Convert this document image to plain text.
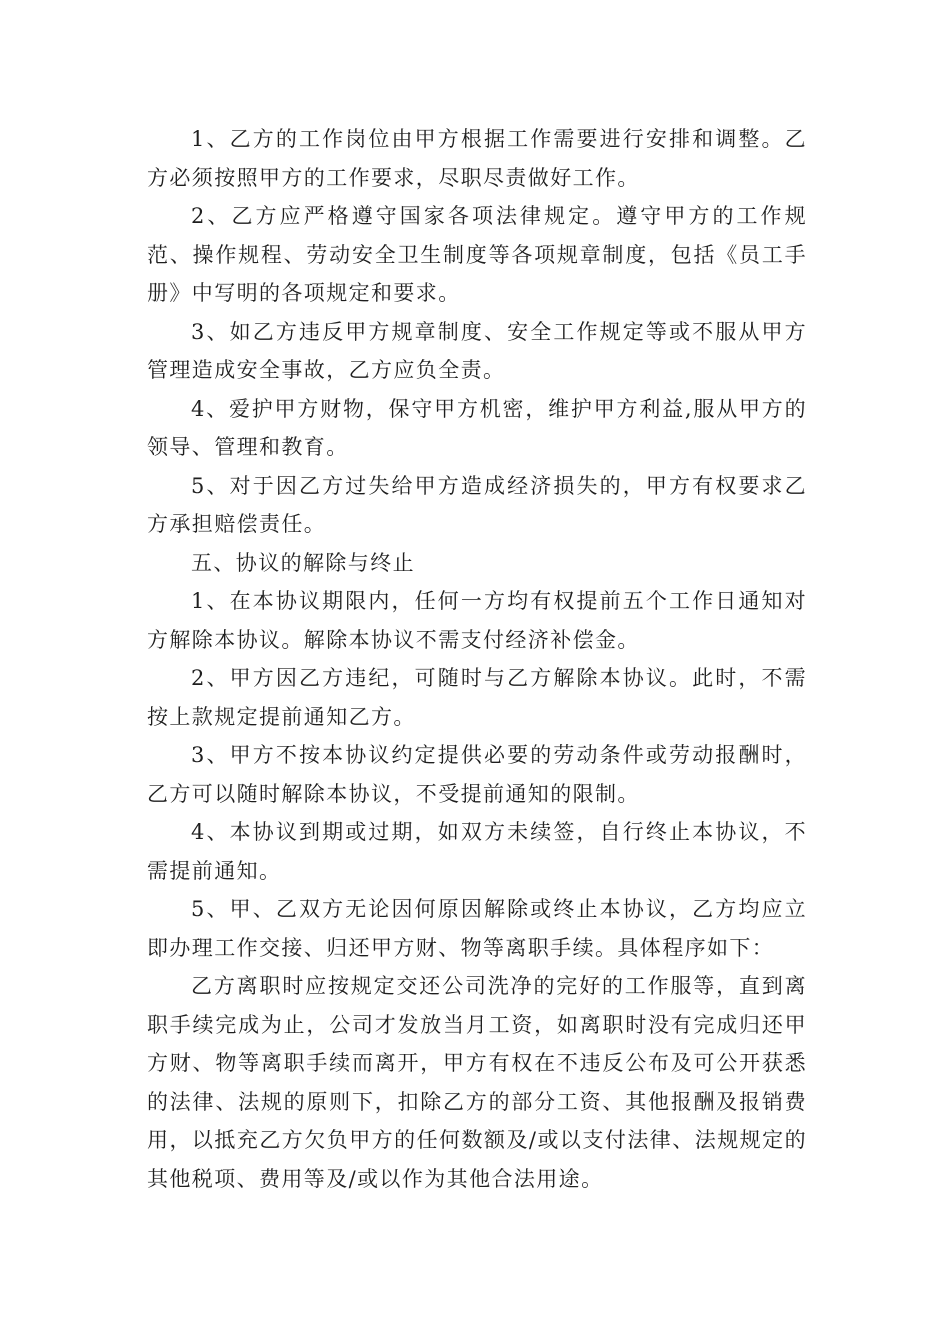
1、乙方的工作岗位由甲方根据工作需要进行安排和调整。乙方必须按照甲方的工作要求，尽职尽责做好工作。

2、乙方应严格遵守国家各项法律规定。遵守甲方的工作规范、操作规程、劳动安全卫生制度等各项规章制度，包括《员工手册》中写明的各项规定和要求。

3、如乙方违反甲方规章制度、安全工作规定等或不服从甲方管理造成安全事故，乙方应负全责。

4、爱护甲方财物，保守甲方机密，维护甲方利益,服从甲方的领导、管理和教育。

5、对于因乙方过失给甲方造成经济损失的，甲方有权要求乙方承担赔偿责任。

五、协议的解除与终止

1、在本协议期限内，任何一方均有权提前五个工作日通知对方解除本协议。解除本协议不需支付经济补偿金。

2、甲方因乙方违纪，可随时与乙方解除本协议。此时，不需按上款规定提前通知乙方。

3、甲方不按本协议约定提供必要的劳动条件或劳动报酬时，乙方可以随时解除本协议，不受提前通知的限制。

4、本协议到期或过期，如双方未续签，自行终止本协议，不需提前通知。

5、甲、乙双方无论因何原因解除或终止本协议，乙方均应立即办理工作交接、归还甲方财、物等离职手续。具体程序如下：

乙方离职时应按规定交还公司洗净的完好的工作服等，直到离职手续完成为止，公司才发放当月工资，如离职时没有完成归还甲方财、物等离职手续而离开，甲方有权在不违反公布及可公开获悉的法律、法规的原则下，扣除乙方的部分工资、其他报酬及报销费用，以抵充乙方欠负甲方的任何数额及/或以支付法律、法规规定的其他税项、费用等及/或以作为其他合法用途。
